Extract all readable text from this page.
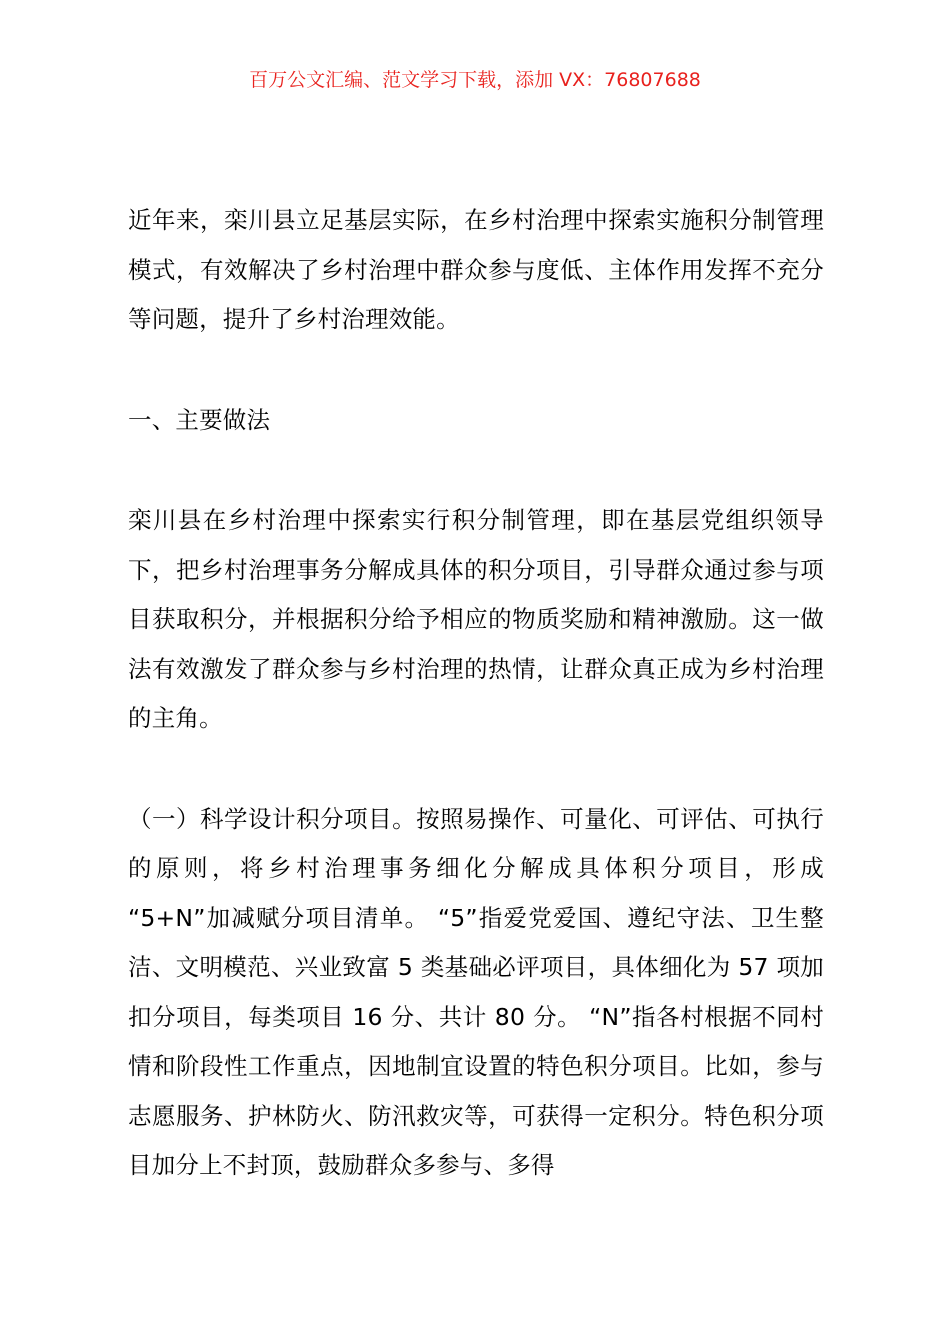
百万公文汇编、范文学习下载，添加 VX：76807688

近年来，栾川县立足基层实际，在乡村治理中探索实施积分制管理模式，有效解决了乡村治理中群众参与度低、主体作用发挥不充分等问题，提升了乡村治理效能。

一、主要做法

栾川县在乡村治理中探索实行积分制管理，即在基层党组织领导下，把乡村治理事务分解成具体的积分项目，引导群众通过参与项目获取积分，并根据积分给予相应的物质奖励和精神激励。这一做法有效激发了群众参与乡村治理的热情，让群众真正成为乡村治理的主角。

（一）科学设计积分项目。按照易操作、可量化、可评估、可执行的原则，将乡村治理事务细化分解成具体积分项目，形成 “5+N”加减赋分项目清单。 “5”指爱党爱国、遵纪守法、卫生整洁、文明模范、兴业致富 5 类基础必评项目，具体细化为 57 项加扣分项目，每类项目 16 分、共计 80 分。 “N”指各村根据不同村情和阶段性工作重点，因地制宜设置的特色积分项目。比如，参与志愿服务、护林防火、防汛救灾等，可获得一定积分。特色积分项目加分上不封顶，鼓励群众多参与、多得
